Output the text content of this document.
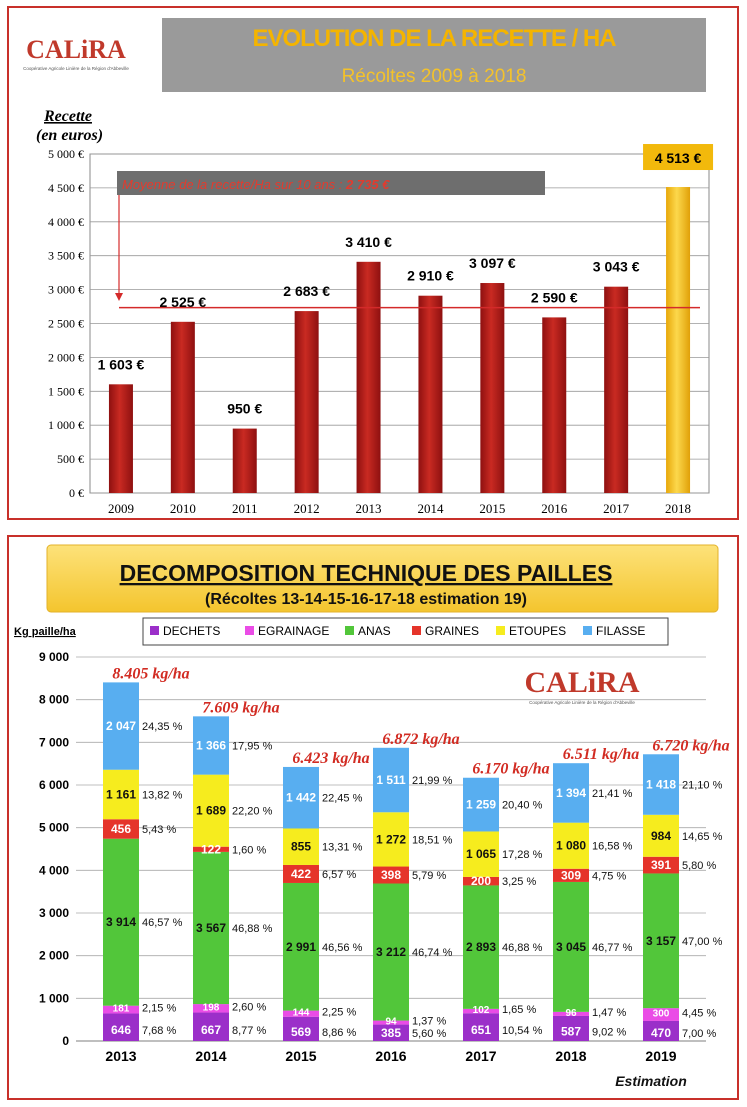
CALiRA
Coopérative Agricole Linière de la Région d'Abbeville
EVOLUTION DE LA RECETTE / HA
Récoltes 2009 à 2018
Recette
(en euros)
0 €
500 €
1 000 €
1 500 €
2 000 €
2 500 €
3 000 €
3 500 €
4 000 €
4 500 €
5 000 €
1 603 €
2 525 €
950 €
2 683 €
3 410 €
2 910 €
3 097 €
2 590 €
3 043 €
4 513 €
2009	2010	2011	2012	2013	2014	2015	2016	2017	2018
Moyenne de la recette/Ha sur 10 ans : 2 735 €
DECOMPOSITION TECHNIQUE DES PAILLES
(Récoltes 13-14-15-16-17-18 estimation 19)
Kg paille/ha	DECHETS	EGRAINAGE ANAS	GRAINES ETOUPES FILASSE
CALiRA
Coopérative Agricole Linière de la Région d'Abbeville
0
1 000
2 000
3 000
4 000
5 000
6 000
7 000
8 000
9 000
646 7,68 %
181 2,15 %
3 914 46,57 %
456 5,43 %
1 161 13,82 %
2 047 24,35 %
8.405 kg/ha
667 8,77 %
198 2,60 %
3 567 46,88 %
122 1,60 %
1 689 22,20 %
1 366 17,95 %
7.609 kg/ha
569 8,86 %
144 2,25 %
2 991 46,56 %
422 6,57 %
855 13,31 %
1 442 22,45 %
6.423 kg/ha
385 5,60 %
94 1,37 %
3 212 46,74 %
398 5,79 %
1 272 18,51 %
1 511 21,99 %
6.872 kg/ha
651 10,54 %
102 1,65 %
2 893 46,88 %
200 3,25 %
1 065 17,28 %
1 259 20,40 %
6.170 kg/ha
587 9,02 %
96 1,47 %
3 045 46,77 %
309 4,75 %
1 080 16,58 %
1 394 21,41 %
6.511 kg/ha
470 7,00 %
300 4,45 %
3 157 47,00 %
391 5,80 %
984 14,65 %
1 418 21,10 %
6.720 kg/ha
2013	2014	2015	2016	2017	2018	2019
Estimation
